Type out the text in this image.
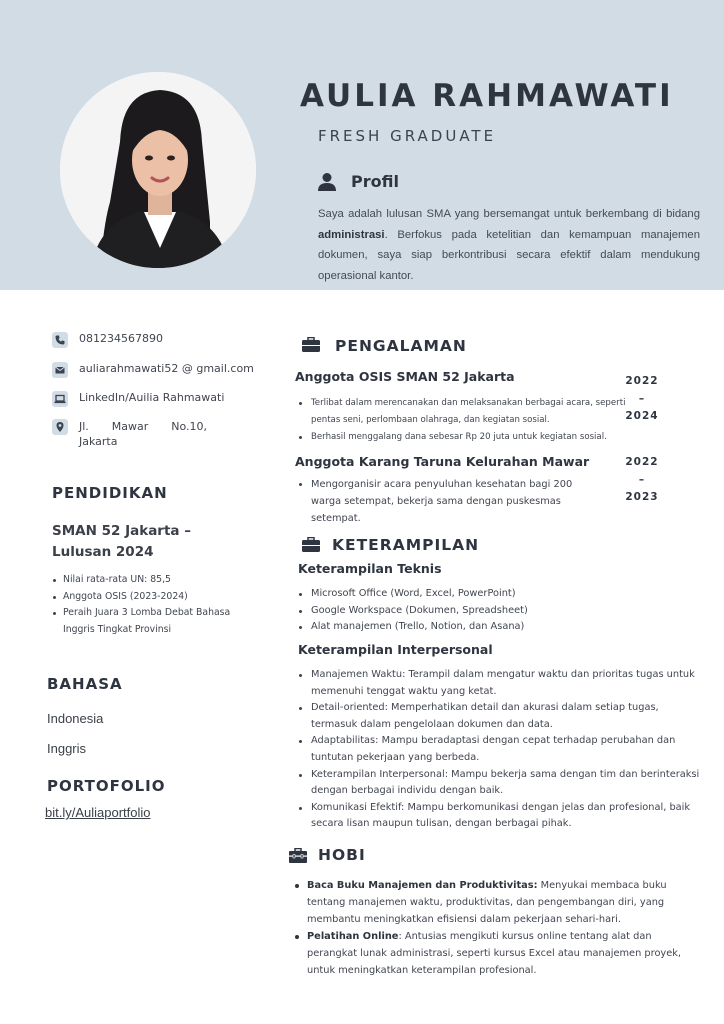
AULIA RAHMAWATI
FRESH GRADUATE
Profil

Saya adalah lulusan SMA yang bersemangat untuk berkembang di bidang administrasi. Berfokus pada ketelitian dan kemampuan manajemen dokumen, saya siap berkontribusi secara efektif dalam mendukung operasional kantor.

081234567890
auliarahmawati52 @ gmail.com
LinkedIn/Auilia Rahmawati
Jl. Mawar No.10,
Jakarta
PENDIDIKAN
SMAN 52 Jakarta –
Lulusan 2024
Nilai rata-rata UN: 85,5
Anggota OSIS (2023-2024)
Peraih Juara 3 Lomba Debat Bahasa Inggris Tingkat Provinsi
BAHASA
Indonesia
Inggris
PORTOFOLIO
bit.ly/Auliaportfolio
PENGALAMAN
Anggota OSIS SMAN 52 Jakarta	2022
–
2024
Terlibat dalam merencanakan dan melaksanakan berbagai acara, seperti pentas seni, perlombaan olahraga, dan kegiatan sosial.
Berhasil menggalang dana sebesar Rp 20 juta untuk kegiatan sosial.
Anggota Karang Taruna Kelurahan Mawar	2022
–
2023
Mengorganisir acara penyuluhan kesehatan bagi 200 warga setempat, bekerja sama dengan puskesmas setempat.
KETERAMPILAN
Keterampilan Teknis
Microsoft Office (Word, Excel, PowerPoint)
Google Workspace (Dokumen, Spreadsheet)
Alat manajemen (Trello, Notion, dan Asana)
Keterampilan Interpersonal
Manajemen Waktu: Terampil dalam mengatur waktu dan prioritas tugas untuk memenuhi tenggat waktu yang ketat.
Detail-oriented: Memperhatikan detail dan akurasi dalam setiap tugas, termasuk dalam pengelolaan dokumen dan data.
Adaptabilitas: Mampu beradaptasi dengan cepat terhadap perubahan dan tuntutan pekerjaan yang berbeda.
Keterampilan Interpersonal: Mampu bekerja sama dengan tim dan berinteraksi dengan berbagai individu dengan baik.
Komunikasi Efektif: Mampu berkomunikasi dengan jelas dan profesional, baik secara lisan maupun tulisan, dengan berbagai pihak.
HOBI
Baca Buku Manajemen dan Produktivitas: Menyukai membaca buku tentang manajemen waktu, produktivitas, dan pengembangan diri, yang membantu meningkatkan efisiensi dalam pekerjaan sehari-hari.
Pelatihan Online: Antusias mengikuti kursus online tentang alat dan perangkat lunak administrasi, seperti kursus Excel atau manajemen proyek, untuk meningkatkan keterampilan profesional.
